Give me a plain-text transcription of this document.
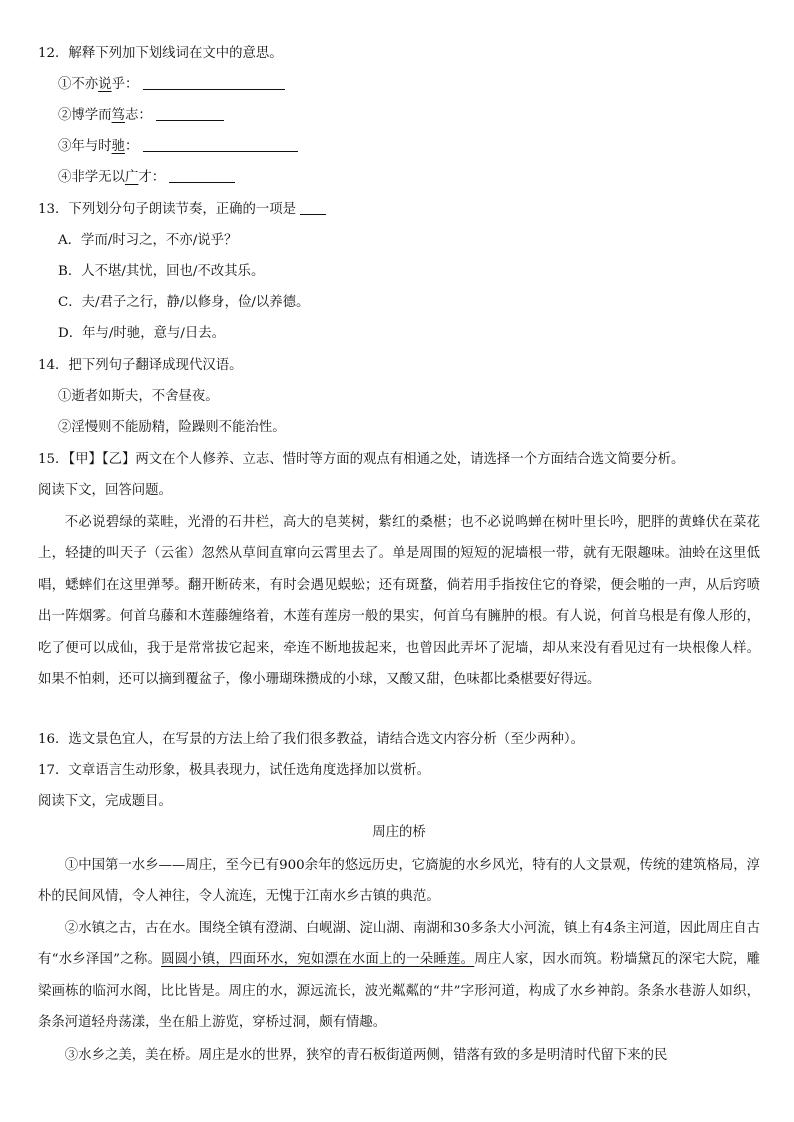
12．解释下列加下划线词在文中的意思。
①不亦说乎：
②博学而笃志：
③年与时驰：
④非学无以广才：
13．下列划分句子朗读节奏，正确的一项是
A．学而/时习之，不亦/说乎？
B．人不堪/其忧，回也/不改其乐。
C．夫/君子之行，静/以修身，俭/以养德。
D．年与/时驰，意与/日去。
14．把下列句子翻译成现代汉语。
①逝者如斯夫，不舍昼夜。
②淫慢则不能励精，险躁则不能治性。
15．【甲】【乙】两文在个人修养、立志、惜时等方面的观点有相通之处，请选择一个方面结合选文简要分析。
阅读下文，回答问题。
不必说碧绿的菜畦，光滑的石井栏，高大的皂荚树，紫红的桑椹；也不必说鸣蝉在树叶里长吟，肥胖的黄蜂伏在菜花上，轻捷的叫天子（云雀）忽然从草间直窜向云霄里去了。单是周围的短短的泥墙根一带，就有无限趣味。油蛉在这里低唱，蟋蟀们在这里弹琴。翻开断砖来，有时会遇见蜈蚣；还有斑蝥，倘若用手指按住它的脊梁，便会啪的一声，从后窍喷出一阵烟雾。何首乌藤和木莲藤缠络着，木莲有莲房一般的果实，何首乌有臃肿的根。有人说，何首乌根是有像人形的，吃了便可以成仙，我于是常常拔它起来，牵连不断地拔起来，也曾因此弄坏了泥墙，却从来没有看见过有一块根像人样。如果不怕刺，还可以摘到覆盆子，像小珊瑚珠攒成的小球，又酸又甜，色味都比桑椹要好得远。
16．选文景色宜人，在写景的方法上给了我们很多教益，请结合选文内容分析（至少两种）。
17．文章语言生动形象，极具表现力，试任选角度选择加以赏析。
阅读下文，完成题目。
周庄的桥
①中国第一水乡——周庄，至今已有900余年的悠远历史，它旖旎的水乡风光，特有的人文景观，传统的建筑格局，淳朴的民间风情，令人神往，令人流连，无愧于江南水乡古镇的典范。
②水镇之古，古在水。围绕全镇有澄湖、白岘湖、淀山湖、南湖和30多条大小河流，镇上有4条主河道，因此周庄自古有“水乡泽国”之称。圆圆小镇，四面环水，宛如漂在水面上的一朵睡莲。周庄人家，因水而筑。粉墙黛瓦的深宅大院，雕梁画栋的临河水阁，比比皆是。周庄的水，源远流长，波光粼粼的“井”字形河道，构成了水乡神韵。条条水巷游人如织，条条河道轻舟荡漾，坐在船上游览，穿桥过洞，颇有情趣。
③水乡之美，美在桥。周庄是水的世界，狭窄的青石板街道两侧，错落有致的多是明清时代留下来的民
